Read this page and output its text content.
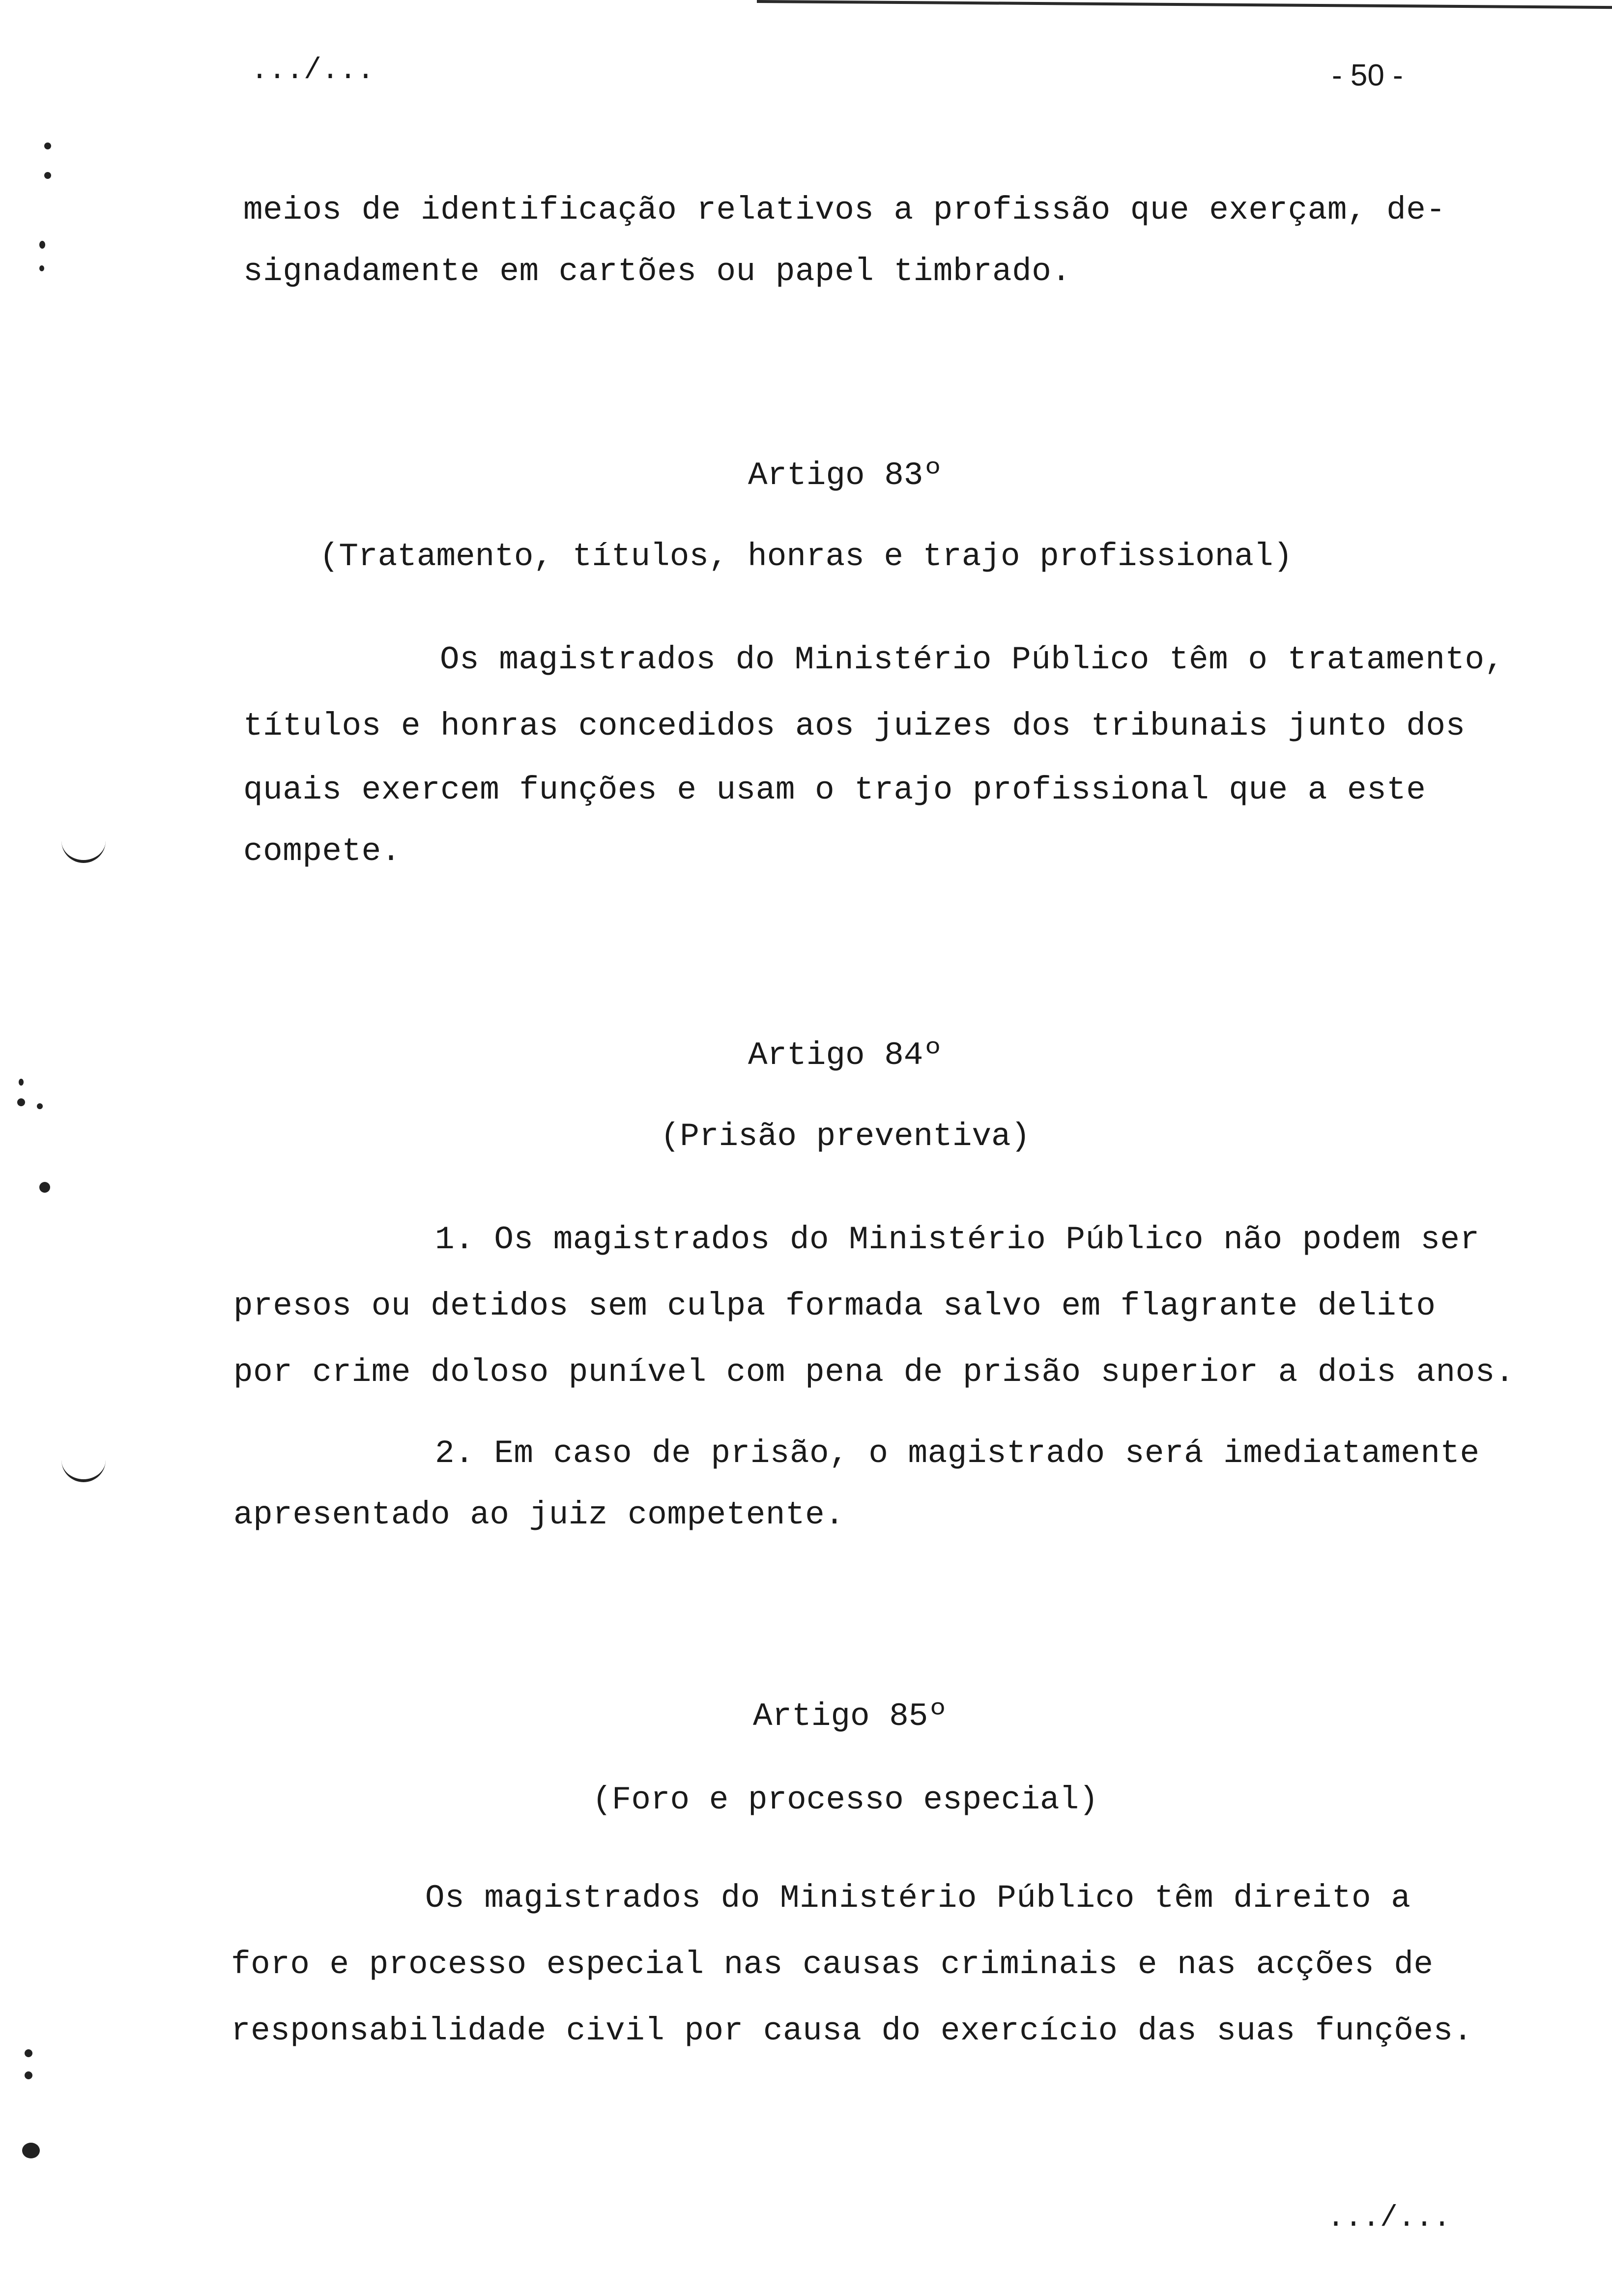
.../...	- 50 -
meios de identificação relativos a profissão que exerçam, de-
signadamente em cartões ou papel timbrado.
Artigo 83º
(Tratamento, títulos, honras e trajo profissional)
Os magistrados do Ministério Público têm o tratamento,
títulos e honras concedidos aos juizes dos tribunais junto dos
quais exercem funções e usam o trajo profissional que a este
compete.
Artigo 84º
(Prisão preventiva)
1. Os magistrados do Ministério Público não podem ser
presos ou detidos sem culpa formada salvo em flagrante delito
por crime doloso punível com pena de prisão superior a dois anos.
2. Em caso de prisão, o magistrado será imediatamente
apresentado ao juiz competente.
Artigo 85º
(Foro e processo especial)
Os magistrados do Ministério Público têm direito a
foro e processo especial nas causas criminais e nas acções de
responsabilidade civil por causa do exercício das suas funções.
.../...
